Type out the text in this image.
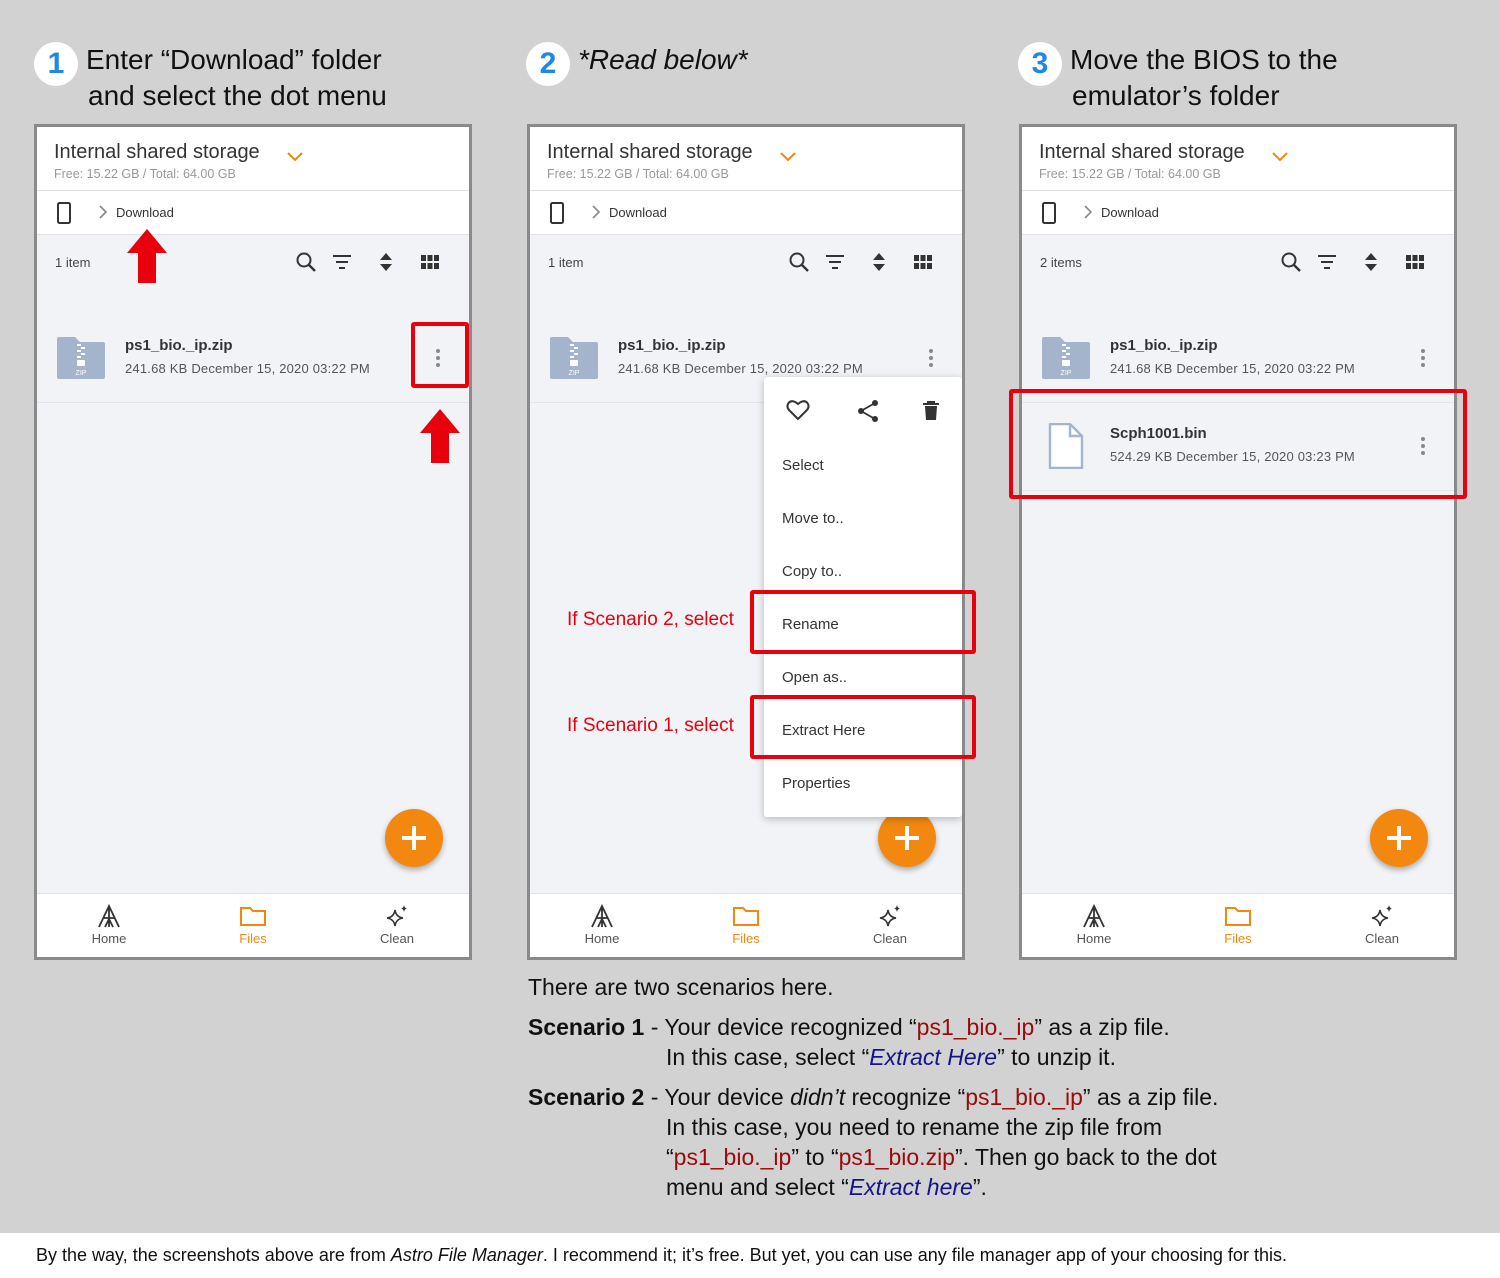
1 Enter “Download” folder
and select the dot menu
2 *Read below*	3 Move the BIOS to the
emulator’s folder
Internal shared storage
Free: 15.22 GB / Total: 64.00 GB
Download
1 item
ZIP
ps1_bio._ip.zip
241.68 KB December 15, 2020 03:22 PM
Home	Files	Clean
Internal shared storage
Free: 15.22 GB / Total: 64.00 GB
Download
1 item
ZIP
ps1_bio._ip.zip
241.68 KB December 15, 2020 03:22 PM
Select
Move to..
Copy to..
Rename
Open as..
Extract Here
Properties
Home	Files	Clean
If Scenario 2, select
If Scenario 1, select
Internal shared storage
Free: 15.22 GB / Total: 64.00 GB
Download
2 items
ZIP
ps1_bio._ip.zip
241.68 KB December 15, 2020 03:22 PM
Scph1001.bin
524.29 KB December 15, 2020 03:23 PM
Home	Files	Clean
There are two scenarios here.
Scenario 1 - Your device recognized “ps1_bio._ip” as a zip file.
In this case, select “Extract Here” to unzip it.
Scenario 2 - Your device didn’t recognize “ps1_bio._ip” as a zip file.
In this case, you need to rename the zip file from
“ps1_bio._ip” to “ps1_bio.zip”. Then go back to the dot
menu and select “Extract here”.

By the way, the screenshots above are from Astro File Manager. I recommend it; it’s free. But yet, you can use any file manager app of your choosing for this.
